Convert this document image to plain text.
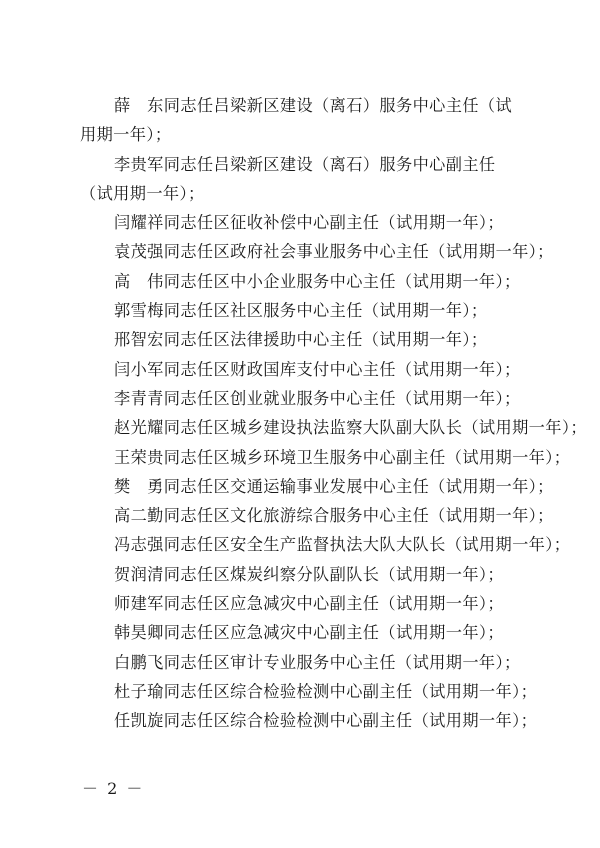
薛　东同志任吕梁新区建设（离石）服务中心主任（试用期一年）；

李贵军同志任吕梁新区建设（离石）服务中心副主任（试用期一年）；

闫耀祥同志任区征收补偿中心副主任（试用期一年）；

袁茂强同志任区政府社会事业服务中心主任（试用期一年）；

高　伟同志任区中小企业服务中心主任（试用期一年）；

郭雪梅同志任区社区服务中心主任（试用期一年）；

邢智宏同志任区法律援助中心主任（试用期一年）；

闫小军同志任区财政国库支付中心主任（试用期一年）；

李青青同志任区创业就业服务中心主任（试用期一年）；

赵光耀同志任区城乡建设执法监察大队副大队长（试用期一年）；

王荣贵同志任区城乡环境卫生服务中心副主任（试用期一年）；

樊　勇同志任区交通运输事业发展中心主任（试用期一年）；

高二勤同志任区文化旅游综合服务中心主任（试用期一年）；

冯志强同志任区安全生产监督执法大队大队长（试用期一年）；

贺润清同志任区煤炭纠察分队副队长（试用期一年）；

师建军同志任区应急减灾中心副主任（试用期一年）；

韩昊卿同志任区应急减灾中心副主任（试用期一年）；

白鹏飞同志任区审计专业服务中心主任（试用期一年）；

杜子瑜同志任区综合检验检测中心副主任（试用期一年）；

任凯旋同志任区综合检验检测中心副主任（试用期一年）；

－ 2 －
